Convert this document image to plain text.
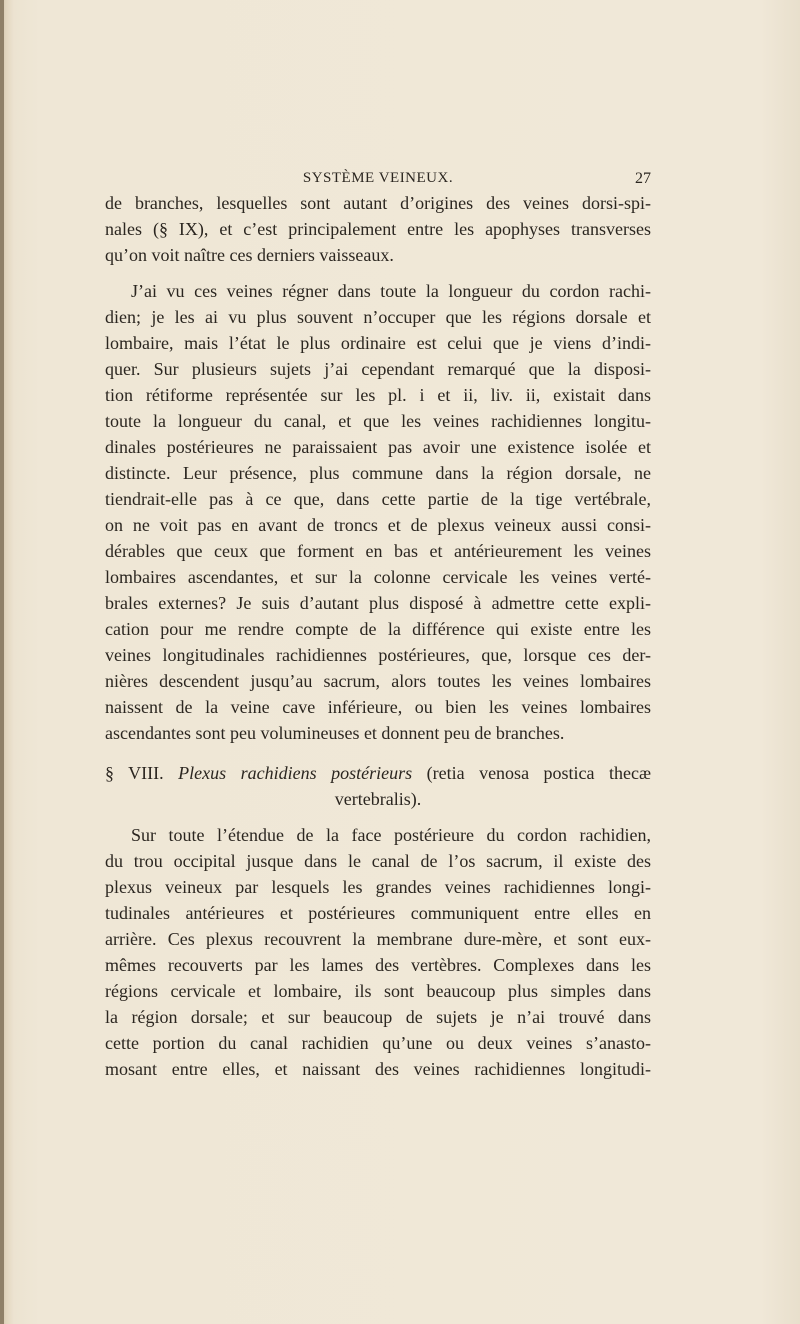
SYSTÈME VEINEUX.	27
de branches, lesquelles sont autant d’origines des veines dorsi-spi-
nales (§ IX), et c’est principalement entre les apophyses transverses
qu’on voit naître ces derniers vaisseaux.
J’ai vu ces veines régner dans toute la longueur du cordon rachi-
dien; je les ai vu plus souvent n’occuper que les régions dorsale et
lombaire, mais l’état le plus ordinaire est celui que je viens d’indi-
quer. Sur plusieurs sujets j’ai cependant remarqué que la disposi-
tion rétiforme représentée sur les pl. i et ii, liv. ii, existait dans
toute la longueur du canal, et que les veines rachidiennes longitu-
dinales postérieures ne paraissaient pas avoir une existence isolée et
distincte. Leur présence, plus commune dans la région dorsale, ne
tiendrait-elle pas à ce que, dans cette partie de la tige vertébrale,
on ne voit pas en avant de troncs et de plexus veineux aussi consi-
dérables que ceux que forment en bas et antérieurement les veines
lombaires ascendantes, et sur la colonne cervicale les veines verté-
brales externes? Je suis d’autant plus disposé à admettre cette expli-
cation pour me rendre compte de la différence qui existe entre les
veines longitudinales rachidiennes postérieures, que, lorsque ces der-
nières descendent jusqu’au sacrum, alors toutes les veines lombaires
naissent de la veine cave inférieure, ou bien les veines lombaires
ascendantes sont peu volumineuses et donnent peu de branches.
§ VIII. Plexus rachidiens postérieurs (retia venosa postica thecæ
vertebralis).
Sur toute l’étendue de la face postérieure du cordon rachidien,
du trou occipital jusque dans le canal de l’os sacrum, il existe des
plexus veineux par lesquels les grandes veines rachidiennes longi-
tudinales antérieures et postérieures communiquent entre elles en
arrière. Ces plexus recouvrent la membrane dure-mère, et sont eux-
mêmes recouverts par les lames des vertèbres. Complexes dans les
régions cervicale et lombaire, ils sont beaucoup plus simples dans
la région dorsale; et sur beaucoup de sujets je n’ai trouvé dans
cette portion du canal rachidien qu’une ou deux veines s’anasto-
mosant entre elles, et naissant des veines rachidiennes longitudi-
